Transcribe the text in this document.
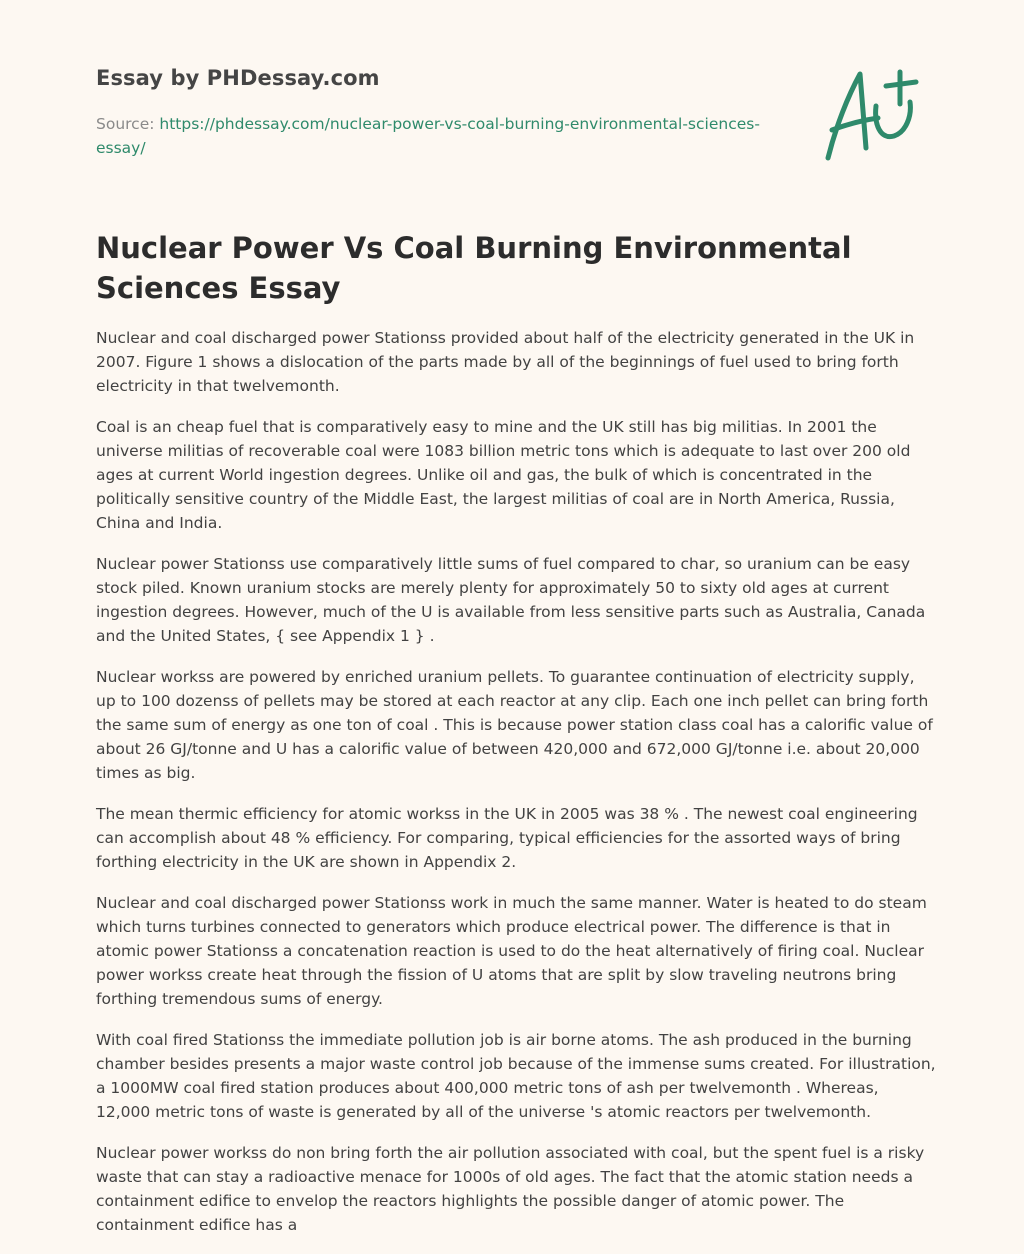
Essay by PHDessay.com
Source: https://phdessay.com/nuclear-power-vs-coal-burning-environmental-sciences-essay/
Nuclear Power Vs Coal Burning Environmental Sciences Essay

Nuclear and coal discharged power Stationss provided about half of the electricity generated in the UK in 2007. Figure 1 shows a dislocation of the parts made by all of the beginnings of fuel used to bring forth electricity in that twelvemonth.

Coal is an cheap fuel that is comparatively easy to mine and the UK still has big militias. In 2001 the universe militias of recoverable coal were 1083 billion metric tons which is adequate to last over 200 old ages at current World ingestion degrees. Unlike oil and gas, the bulk of which is concentrated in the politically sensitive country of the Middle East, the largest militias of coal are in North America, Russia, China and India.

Nuclear power Stationss use comparatively little sums of fuel compared to char, so uranium can be easy stock piled. Known uranium stocks are merely plenty for approximately 50 to sixty old ages at current ingestion degrees. However, much of the U is available from less sensitive parts such as Australia, Canada and the United States, { see Appendix 1 } .

Nuclear workss are powered by enriched uranium pellets. To guarantee continuation of electricity supply, up to 100 dozenss of pellets may be stored at each reactor at any clip. Each one inch pellet can bring forth the same sum of energy as one ton of coal . This is because power station class coal has a calorific value of about 26 GJ/tonne and U has a calorific value of between 420,000 and 672,000 GJ/tonne i.e. about 20,000 times as big.

The mean thermic efficiency for atomic workss in the UK in 2005 was 38 % . The newest coal engineering can accomplish about 48 % efficiency. For comparing, typical efficiencies for the assorted ways of bring forthing electricity in the UK are shown in Appendix 2.

Nuclear and coal discharged power Stationss work in much the same manner. Water is heated to do steam which turns turbines connected to generators which produce electrical power. The difference is that in atomic power Stationss a concatenation reaction is used to do the heat alternatively of firing coal. Nuclear power workss create heat through the fission of U atoms that are split by slow traveling neutrons bring forthing tremendous sums of energy.

With coal fired Stationss the immediate pollution job is air borne atoms. The ash produced in the burning chamber besides presents a major waste control job because of the immense sums created. For illustration, a 1000MW coal fired station produces about 400,000 metric tons of ash per twelvemonth . Whereas, 12,000 metric tons of waste is generated by all of the universe 's atomic reactors per twelvemonth.

Nuclear power workss do non bring forth the air pollution associated with coal, but the spent fuel is a risky waste that can stay a radioactive menace for 1000s of old ages. The fact that the atomic station needs a containment edifice to envelop the reactors highlights the possible danger of atomic power. The containment edifice has a
